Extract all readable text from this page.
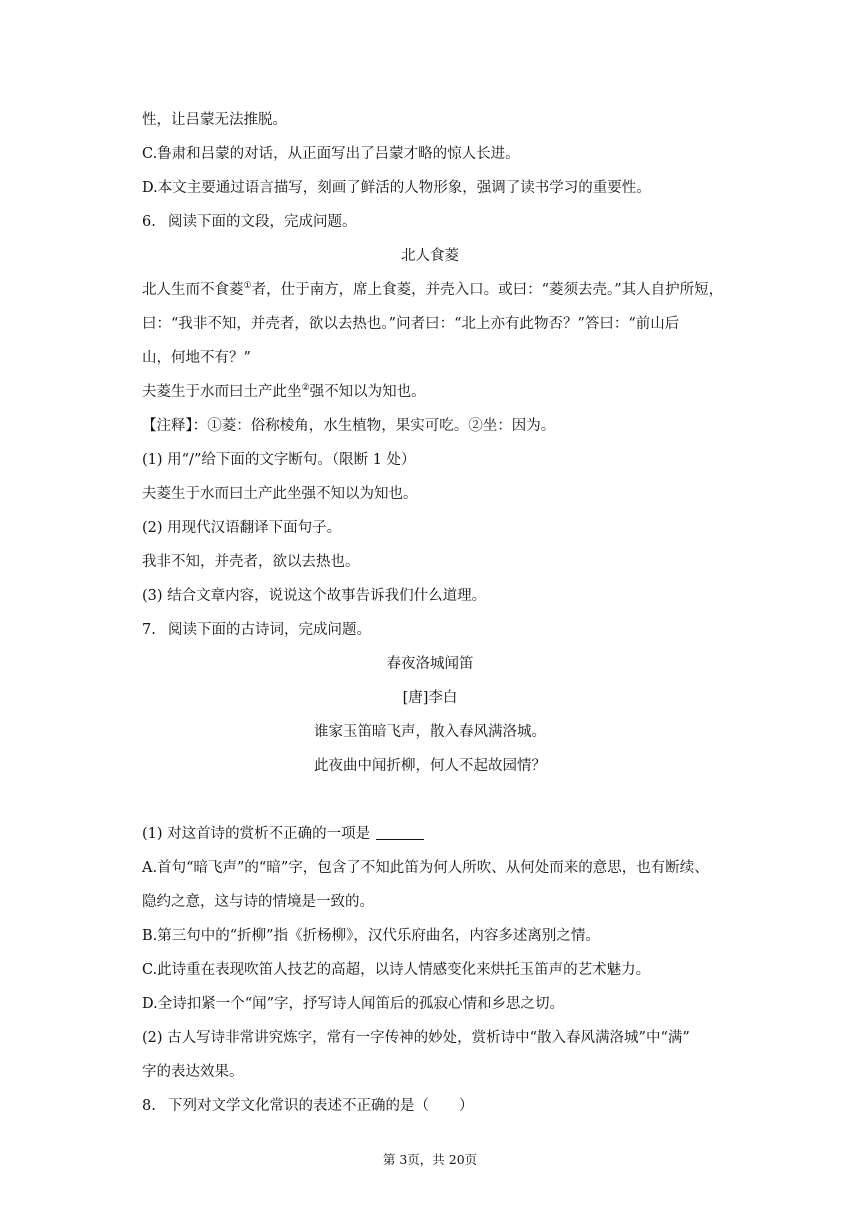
性，让吕蒙无法推脱。
C.鲁肃和吕蒙的对话，从正面写出了吕蒙才略的惊人长进。
D.本文主要通过语言描写，刻画了鲜活的人物形象，强调了读书学习的重要性。
6. 阅读下面的文段，完成问题。
北人食菱
北人生而不食菱①者，仕于南方，席上食菱，并壳入口。或曰：“菱须去壳。”其人自护所短，
曰：“我非不知，并壳者，欲以去热也。”问者曰：“北上亦有此物否？”答曰：“前山后
山，何地不有？”
夫菱生于水而曰土产此坐②强不知以为知也。
【注释】：①菱：俗称棱角，水生植物，果实可吃。②坐：因为。
(1) 用“/”给下面的文字断句。（限断 1 处）
夫菱生于水而曰土产此坐强不知以为知也。
(2) 用现代汉语翻译下面句子。
我非不知，并壳者，欲以去热也。
(3) 结合文章内容，说说这个故事告诉我们什么道理。
7. 阅读下面的古诗词，完成问题。
春夜洛城闻笛
[唐]李白
谁家玉笛暗飞声，散入春风满洛城。
此夜曲中闻折柳，何人不起故园情？
(1) 对这首诗的赏析不正确的一项是
A.首句“暗飞声”的“暗”字，包含了不知此笛为何人所吹、从何处而来的意思，也有断续、
隐约之意，这与诗的情境是一致的。
B.第三句中的“折柳”指《折杨柳》，汉代乐府曲名，内容多述离别之情。
C.此诗重在表现吹笛人技艺的高超，以诗人情感变化来烘托玉笛声的艺术魅力。
D.全诗扣紧一个“闻”字，抒写诗人闻笛后的孤寂心情和乡思之切。
(2) 古人写诗非常讲究炼字，常有一字传神的妙处，赏析诗中“散入春风满洛城”中“满”
字的表达效果。
8. 下列对文学文化常识的表述不正确的是（ ）
第 3页，共 20页
